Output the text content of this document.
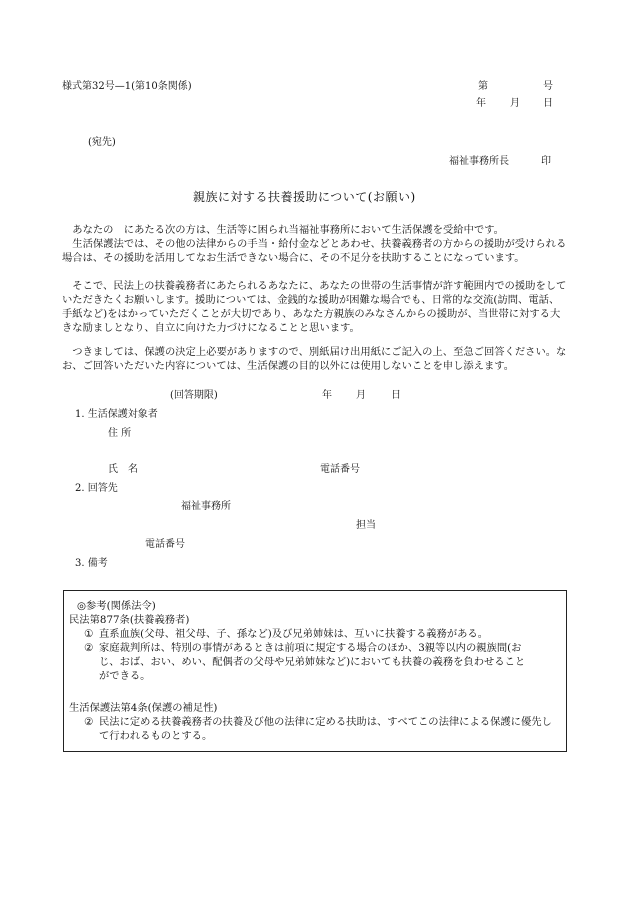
様式第32号—1(第10条関係)	第	号
年 月 日
(宛先)
福祉事務所長	印
親族に対する扶養援助について(お願い)
あなたの　にあたる次の方は、生活等に困られ当福祉事務所において生活保護を受給中です。
生活保護法では、その他の法律からの手当・給付金などとあわせ、扶養義務者の方からの援助が受けられる場合は、その援助を活用してなお生活できない場合に、その不足分を扶助することになっています。
そこで、民法上の扶養義務者にあたられるあなたに、あなたの世帯の生活事情が許す範囲内での援助をしていただきたくお願いします。援助については、金銭的な援助が困難な場合でも、日常的な交流(訪問、電話、手紙など)をはかっていただくことが大切であり、あなた方親族のみなさんからの援助が、当世帯に対する大きな励ましとなり、自立に向けた力づけになることと思います。
つきましては、保護の決定上必要がありますので、別紙届け出用紙にご記入の上、至急ご回答ください。なお、ご回答いただいた内容については、生活保護の目的以外には使用しないことを申し添えます。
(回答期限)	年 月	日
1. 生活保護対象者
住 所
氏　名	電話番号
2. 回答先
福祉事務所
担当
電話番号
3. 備考
◎参考(関係法令)
民法第877条(扶養義務者)
① 直系血族(父母、祖父母、子、孫など)及び兄弟姉妹は、互いに扶養する義務がある。
② 家庭裁判所は、特別の事情があるときは前項に規定する場合のほか、3親等以内の親族間(おじ、おば、おい、めい、配偶者の父母や兄弟姉妹など)においても扶養の義務を負わせることができる。
生活保護法第4条(保護の補足性)
② 民法に定める扶養義務者の扶養及び他の法律に定める扶助は、すべてこの法律による保護に優先して行われるものとする。
